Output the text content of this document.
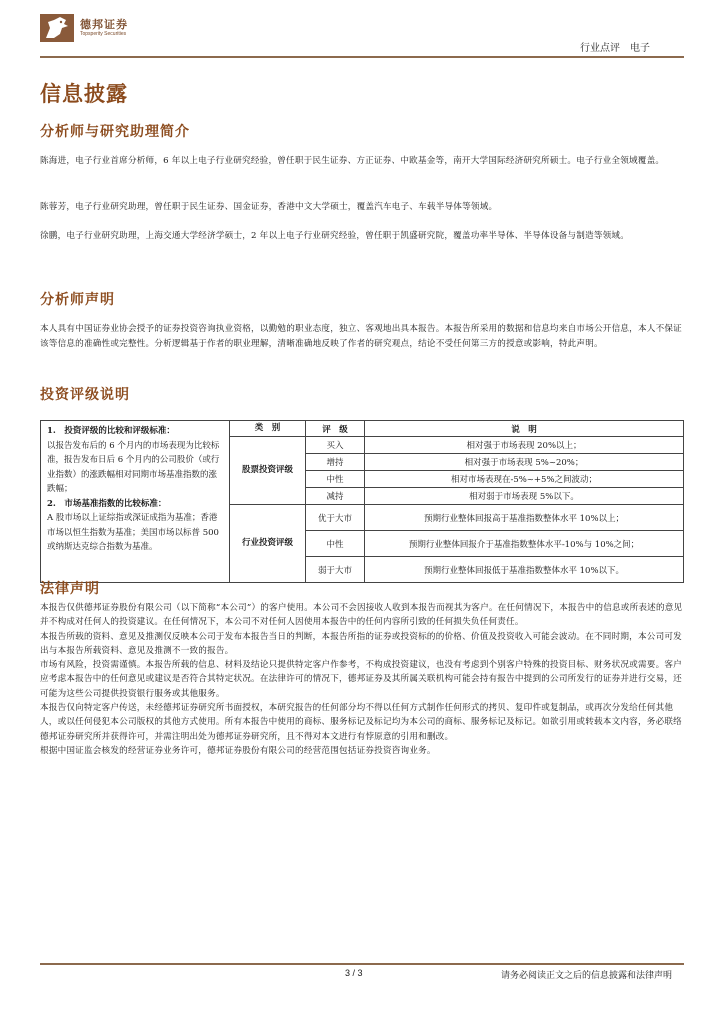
德邦证券
Topsperity Securities
行业点评　电子
信息披露
分析师与研究助理简介
陈海进，电子行业首席分析师，6 年以上电子行业研究经验，曾任职于民生证券、方正证券、中欧基金等，南开大学国际经济研究所硕士。电子行业全领域覆盖。
陈蓉芳，电子行业研究助理，曾任职于民生证券、国金证券，香港中文大学硕士，覆盖汽车电子、车载半导体等领域。
徐鹏，电子行业研究助理，上海交通大学经济学硕士，2 年以上电子行业研究经验，曾任职于凯盛研究院，覆盖功率半导体、半导体设备与制造等领域。
分析师声明
本人具有中国证券业协会授予的证券投资咨询执业资格，以勤勉的职业态度，独立、客观地出具本报告。本报告所采用的数据和信息均来自市场公开信息，本人不保证该等信息的准确性或完整性。分析逻辑基于作者的职业理解，清晰准确地反映了作者的研究观点，结论不受任何第三方的授意或影响，特此声明。
投资评级说明
1.　投资评级的比较和评级标准：
以报告发布后的 6 个月内的市场表现为比较标准，报告发布日后 6 个月内的公司股价（或行业指数）的涨跌幅相对同期市场基准指数的涨跌幅；
2.　市场基准指数的比较标准：
A 股市场以上证综指或深证成指为基准；香港市场以恒生指数为基准；美国市场以标普 500 或纳斯达克综合指数为基准。	类　别	评　级	说　明
	股票投资评级	买入	相对强于市场表现 20%以上；
		增持	相对强于市场表现 5%~20%；
		中性	相对市场表现在-5%~+5%之间波动；
		减持	相对弱于市场表现 5%以下。
	行业投资评级	优于大市	预期行业整体回报高于基准指数整体水平 10%以上；
		中性	预期行业整体回报介于基准指数整体水平-10%与 10%之间；
		弱于大市	预期行业整体回报低于基准指数整体水平 10%以下。
法律声明

本报告仅供德邦证券股份有限公司（以下简称“本公司”）的客户使用。本公司不会因接收人收到本报告而视其为客户。在任何情况下，本报告中的信息或所表述的意见并不构成对任何人的投资建议。在任何情况下，本公司不对任何人因使用本报告中的任何内容所引致的任何损失负任何责任。

本报告所载的资料、意见及推测仅反映本公司于发布本报告当日的判断，本报告所指的证券或投资标的的价格、价值及投资收入可能会波动。在不同时期，本公司可发出与本报告所载资料、意见及推测不一致的报告。

市场有风险，投资需谨慎。本报告所载的信息、材料及结论只提供特定客户作参考，不构成投资建议，也没有考虑到个别客户特殊的投资目标、财务状况或需要。客户应考虑本报告中的任何意见或建议是否符合其特定状况。在法律许可的情况下，德邦证券及其所属关联机构可能会持有报告中提到的公司所发行的证券并进行交易，还可能为这些公司提供投资银行服务或其他服务。

本报告仅向特定客户传送，未经德邦证券研究所书面授权，本研究报告的任何部分均不得以任何方式制作任何形式的拷贝、复印件或复制品，或再次分发给任何其他人，或以任何侵犯本公司版权的其他方式使用。所有本报告中使用的商标、服务标记及标记均为本公司的商标、服务标记及标记。如欲引用或转载本文内容，务必联络德邦证券研究所并获得许可，并需注明出处为德邦证券研究所，且不得对本文进行有悖原意的引用和删改。

根据中国证监会核发的经营证券业务许可，德邦证券股份有限公司的经营范围包括证券投资咨询业务。

3 / 3	请务必阅读正文之后的信息披露和法律声明
